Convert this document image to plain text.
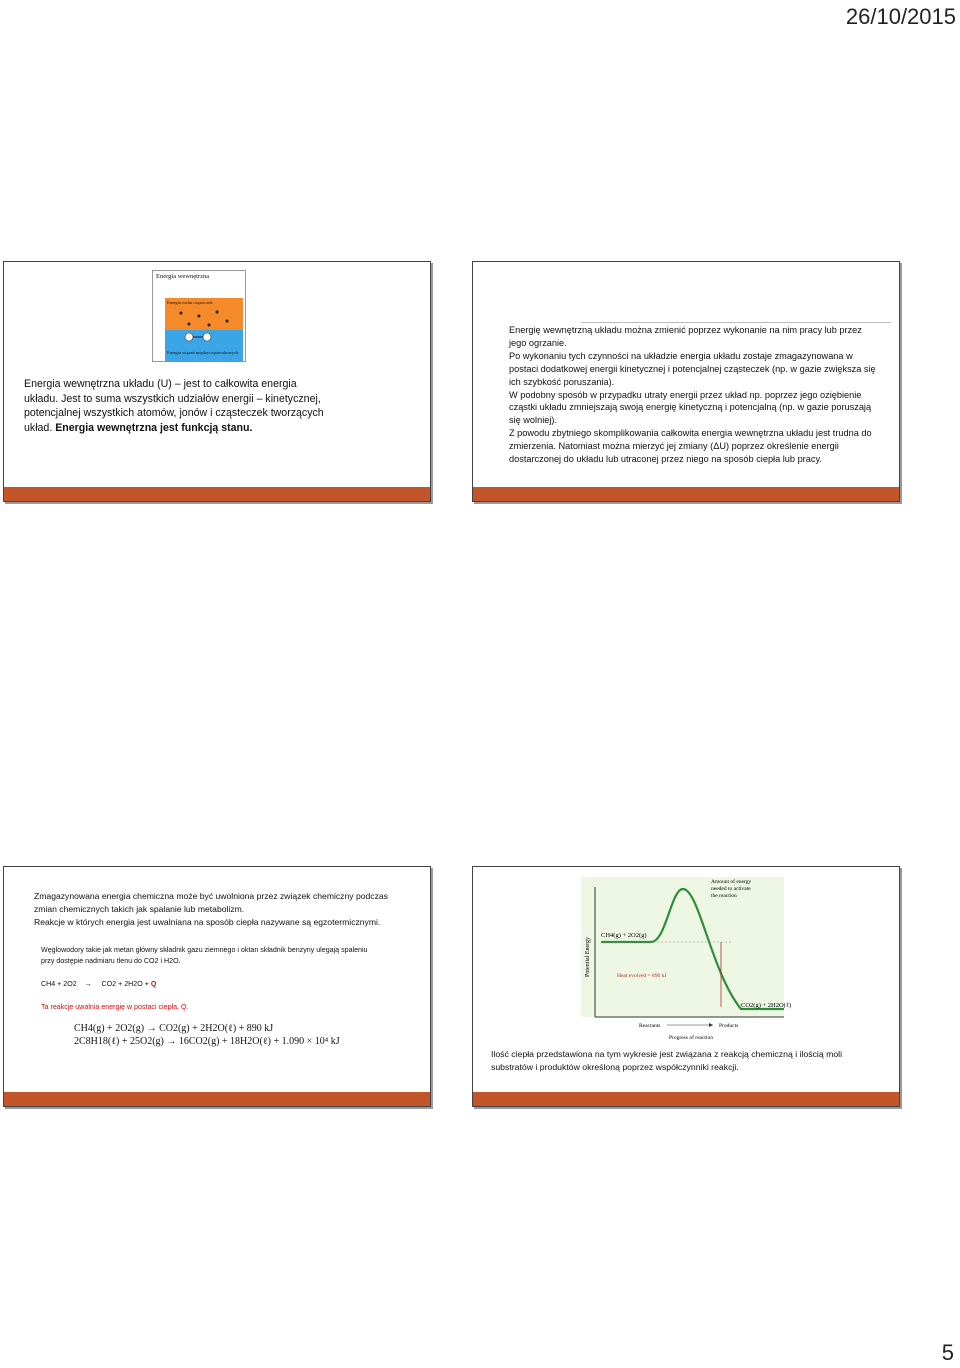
26/10/2015
Energia wewnętrzna
Energia ruchu cząsteczek
Energia wiązań międzycząsteczkowych
Energia wewnętrzna układu (U) – jest to całkowita energia układu. Jest to suma wszystkich udziałów energii – kinetycznej, potencjalnej wszystkich atomów, jonów i cząsteczek tworzących układ. Energia wewnętrzna jest funkcją stanu.
Energię wewnętrzną układu można zmienić poprzez wykonanie na nim pracy lub przez jego ogrzanie.
Po wykonaniu tych czynności na układzie energia układu zostaje zmagazynowana w postaci dodatkowej energii kinetycznej i potencjalnej cząsteczek (np. w gazie zwiększa się ich szybkość poruszania).
W podobny sposób w przypadku utraty energii przez układ np. poprzez jego oziębienie cząstki układu zmniejszają swoją energię kinetyczną i potencjalną (np. w gazie poruszają się wolniej).
Z powodu zbytniego skomplikowania całkowita energia wewnętrzna układu jest trudna do zmierzenia. Natomiast można mierzyć jej zmiany (ΔU) poprzez określenie energii dostarczonej do układu lub utraconej przez niego na sposób ciepła lub pracy.
Zmagazynowana energia chemiczna może być uwolniona przez związek chemiczny podczas zmian chemicznych takich jak spalanie lub metabolizm.
Reakcje w których energia jest uwalniana na sposób ciepła nazywane są egzotermicznymi.
Węglowodory takie jak metan główny składnik gazu ziemnego i oktan składnik benzyny ulegają spaleniu przy dostępie nadmiaru tlenu do CO2 i H2O.
CH4 + 2O2 → CO2 + 2H2O + Q
Ta reakcje uwalnia energię w postaci ciepła, Q.
CH4(g) + 2O2(g) → CO2(g) + 2H2O(ℓ) + 890 kJ
2C8H18(ℓ) + 25O2(g) → 16CO2(g) + 18H2O(ℓ) + 1.090 × 10⁴ kJ
Potential Energy
CH4(g) + 2O2(g)
Amount of energy
needed to activate
the reaction
Heat evolved = 890 kJ
CO2(g) + 2H2O(ℓ)
Reactants	Products
Progress of reaction
Ilość ciepła przedstawiona na tym wykresie jest związana z reakcją chemiczną i ilością moli substratów i produktów określoną poprzez współczynniki reakcji.
5
